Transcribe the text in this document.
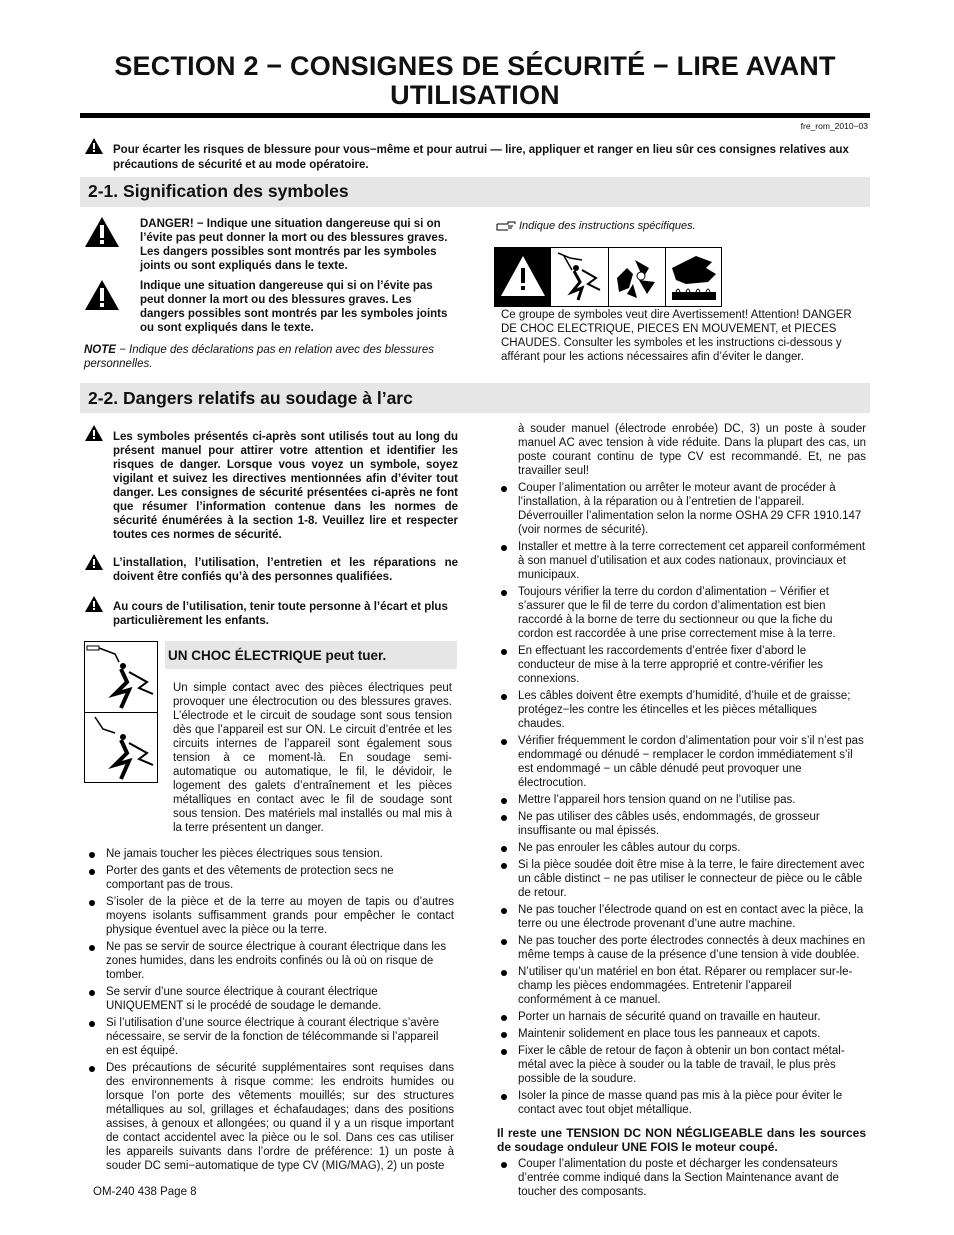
SECTION 2 − CONSIGNES DE SÉCURITÉ − LIRE AVANT
UTILISATION
fre_rom_2010−03
Pour écarter les risques de blessure pour vous−même et pour autrui — lire, appliquer et ranger en lieu sûr ces consignes relatives aux précautions de sécurité et au mode opératoire.
2-1. Signification des symboles
DANGER! − Indique une situation dangereuse qui si on l’évite pas peut donner la mort ou des blessures graves. Les dangers possibles sont montrés par les symboles joints ou sont expliqués dans le texte.
Indique une situation dangereuse qui si on l’évite pas peut donner la mort ou des blessures graves. Les dangers possibles sont montrés par les symboles joints ou sont expliqués dans le texte.
NOTE − Indique des déclarations pas en relation avec des blessures personnelles.
Indique des instructions spécifiques.
Ce groupe de symboles veut dire Avertissement! Attention! DANGER DE CHOC ELECTRIQUE, PIECES EN MOUVEMENT, et PIECES CHAUDES. Consulter les symboles et les instructions ci-dessous y afférant pour les actions nécessaires afin d’éviter le danger.
2-2. Dangers relatifs au soudage à l’arc
Les symboles présentés ci-après sont utilisés tout au long du présent manuel pour attirer votre attention et identifier les risques de danger. Lorsque vous voyez un symbole, soyez vigilant et suivez les directives mentionnées afin d’éviter tout danger. Les consignes de sécurité présentées ci-après ne font que résumer l’information contenue dans les normes de sécurité énumérées à la section 1-8. Veuillez lire et respecter toutes ces normes de sécurité.
L’installation, l’utilisation, l’entretien et les réparations ne doivent être confiés qu’à des personnes qualifiées.
Au cours de l’utilisation, tenir toute personne à l’écart et plus particulièrement les enfants.
UN CHOC ÉLECTRIQUE peut tuer.
Un simple contact avec des pièces électriques peut provoquer une électrocution ou des blessures graves. L’électrode et le circuit de soudage sont sous tension dès que l’appareil est sur ON. Le circuit d’entrée et les circuits internes de l’appareil sont également sous tension à ce moment-là. En soudage semi-automatique ou automatique, le fil, le dévidoir, le logement des galets d’entraînement et les pièces métalliques en contact avec le fil de soudage sont sous tension. Des matériels mal installés ou mal mis à la terre présentent un danger.
Ne jamais toucher les pièces électriques sous tension.
Porter des gants et des vêtements de protection secs ne comportant pas de trous.
S’isoler de la pièce et de la terre au moyen de tapis ou d’autres moyens isolants suffisamment grands pour empêcher le contact physique éventuel avec la pièce ou la terre.
Ne pas se servir de source électrique à courant électrique dans les zones humides, dans les endroits confinés ou là où on risque de tomber.
Se servir d’une source électrique à courant électrique UNIQUEMENT si le procédé de soudage le demande.
Si l’utilisation d’une source électrique à courant électrique s’avère nécessaire, se servir de la fonction de télécommande si l’appareil en est équipé.
Des précautions de sécurité supplémentaires sont requises dans des environnements à risque comme: les endroits humides ou lorsque l’on porte des vêtements mouillés; sur des structures métalliques au sol, grillages et échafaudages; dans des positions assises, à genoux et allongées; ou quand il y a un risque important de contact accidentel avec la pièce ou le sol. Dans ces cas utiliser les appareils suivants dans l’ordre de préférence: 1) un poste à souder DC semi−automatique de type CV (MIG/MAG), 2) un poste
à souder manuel (électrode enrobée) DC, 3) un poste à souder manuel AC avec tension à vide réduite. Dans la plupart des cas, un poste courant continu de type CV est recommandé. Et, ne pas travailler seul!
Couper l’alimentation ou arrêter le moteur avant de procéder à l’installation, à la réparation ou à l’entretien de l’appareil. Déverrouiller l’alimentation selon la norme OSHA 29 CFR 1910.147 (voir normes de sécurité).
Installer et mettre à la terre correctement cet appareil conformément à son manuel d’utilisation et aux codes nationaux, provinciaux et municipaux.
Toujours vérifier la terre du cordon d’alimentation − Vérifier et s’assurer que le fil de terre du cordon d’alimentation est bien raccordé à la borne de terre du sectionneur ou que la fiche du cordon est raccordée à une prise correctement mise à la terre.
En effectuant les raccordements d’entrée fixer d’abord le conducteur de mise à la terre approprié et contre-vérifier les connexions.
Les câbles doivent être exempts d’humidité, d’huile et de graisse; protégez−les contre les étincelles et les pièces métalliques chaudes.
Vérifier fréquemment le cordon d’alimentation pour voir s’il n’est pas endommagé ou dénudé − remplacer le cordon immédiatement s’il est endommagé − un câble dénudé peut provoquer une électrocution.
Mettre l’appareil hors tension quand on ne l’utilise pas.
Ne pas utiliser des câbles usés, endommagés, de grosseur insuffisante ou mal épissés.
Ne pas enrouler les câbles autour du corps.
Si la pièce soudée doit être mise à la terre, le faire directement avec un câble distinct − ne pas utiliser le connecteur de pièce ou le câble de retour.
Ne pas toucher l’électrode quand on est en contact avec la pièce, la terre ou une électrode provenant d’une autre machine.
Ne pas toucher des porte électrodes connectés à deux machines en même temps à cause de la présence d’une tension à vide doublée.
N’utiliser qu’un matériel en bon état. Réparer ou remplacer sur-le-champ les pièces endommagées. Entretenir l’appareil conformément à ce manuel.
Porter un harnais de sécurité quand on travaille en hauteur.
Maintenir solidement en place tous les panneaux et capots.
Fixer le câble de retour de façon à obtenir un bon contact métal-métal avec la pièce à souder ou la table de travail, le plus près possible de la soudure.
Isoler la pince de masse quand pas mis à la pièce pour éviter le contact avec tout objet métallique.
Il reste une TENSION DC NON NÉGLIGEABLE dans les sources de soudage onduleur UNE FOIS le moteur coupé.
Couper l’alimentation du poste et décharger les condensateurs d’entrée comme indiqué dans la Section Maintenance avant de toucher des composants.
OM-240 438 Page 8
